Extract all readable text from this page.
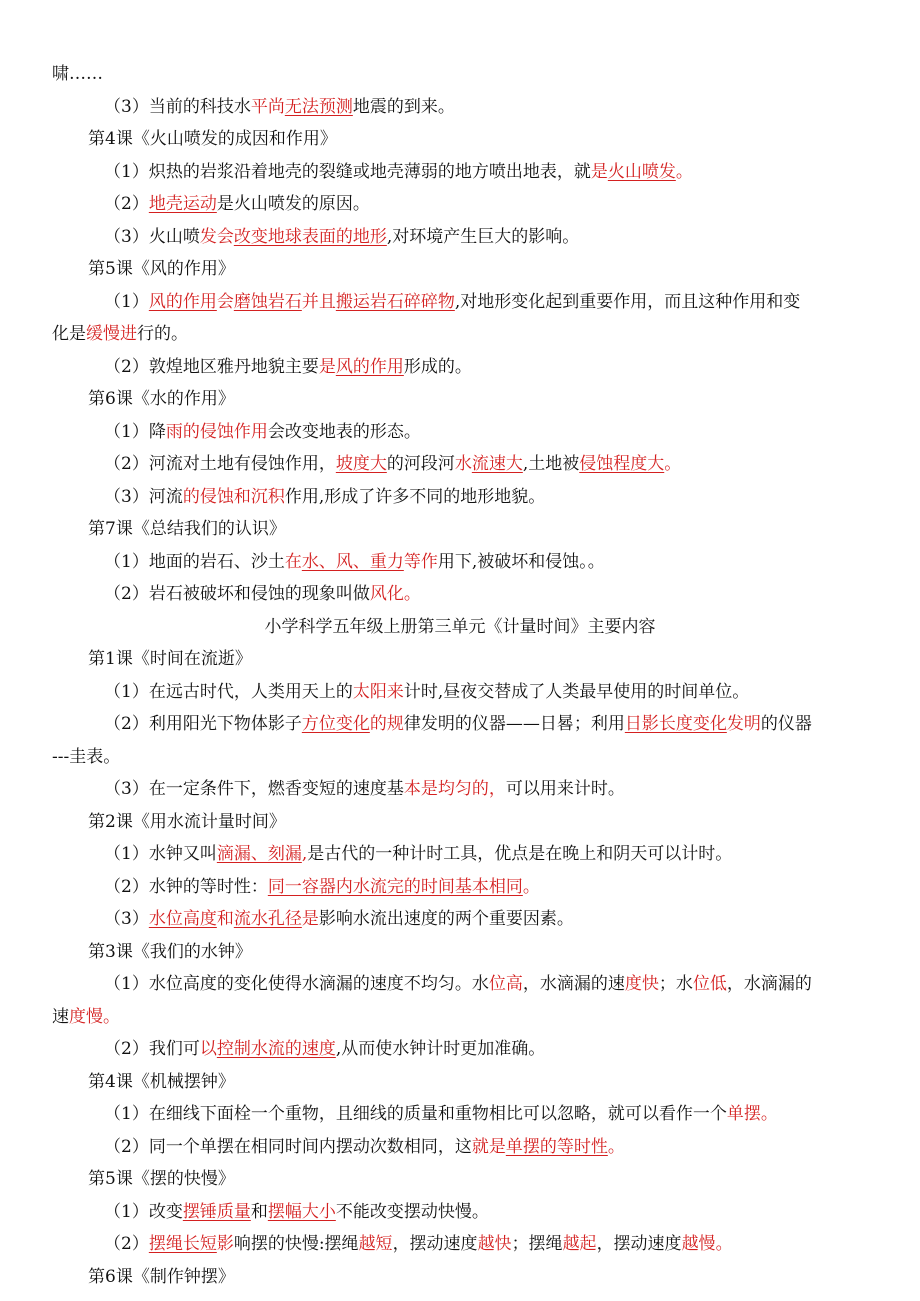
啸……
（3）当前的科技水平尚无法预测地震的到来。
第4课《火山喷发的成因和作用》
（1）炽热的岩浆沿着地壳的裂缝或地壳薄弱的地方喷出地表，就是火山喷发。
（2）地壳运动是火山喷发的原因。
（3）火山喷发会改变地球表面的地形,对环境产生巨大的影响。
第5课《风的作用》
（1）风的作用会磨蚀岩石并且搬运岩石碎碎物,对地形变化起到重要作用，而且这种作用和变
化是缓慢进行的。
（2）敦煌地区雅丹地貌主要是风的作用形成的。
第6课《水的作用》
（1）降雨的侵蚀作用会改变地表的形态。
（2）河流对土地有侵蚀作用，坡度大的河段河水流速大,土地被侵蚀程度大。
（3）河流的侵蚀和沉积作用,形成了许多不同的地形地貌。
第7课《总结我们的认识》
（1）地面的岩石、沙土在水、风、重力等作用下,被破坏和侵蚀。。
（2）岩石被破坏和侵蚀的现象叫做风化。
小学科学五年级上册第三单元《计量时间》主要内容
第1课《时间在流逝》
（1）在远古时代，人类用天上的太阳来计时,昼夜交替成了人类最早使用的时间单位。
（2）利用阳光下物体影子方位变化的规律发明的仪器——日晷；利用日影长度变化发明的仪器
---圭表。
（3）在一定条件下，燃香变短的速度基本是均匀的，可以用来计时。
第2课《用水流计量时间》
（1）水钟又叫滴漏、刻漏,是古代的一种计时工具，优点是在晚上和阴天可以计时。
（2）水钟的等时性：同一容器内水流完的时间基本相同。
（3）水位高度和流水孔径是影响水流出速度的两个重要因素。
第3课《我们的水钟》
（1）水位高度的变化使得水滴漏的速度不均匀。水位高，水滴漏的速度快；水位低，水滴漏的
速度慢。
（2）我们可以控制水流的速度,从而使水钟计时更加准确。
第4课《机械摆钟》
（1）在细线下面栓一个重物，且细线的质量和重物相比可以忽略，就可以看作一个单摆。
（2）同一个单摆在相同时间内摆动次数相同，这就是单摆的等时性。
第5课《摆的快慢》
（1）改变摆锤质量和摆幅大小不能改变摆动快慢。
（2）摆绳长短影响摆的快慢:摆绳越短，摆动速度越快；摆绳越起，摆动速度越慢。
第6课《制作钟摆》
